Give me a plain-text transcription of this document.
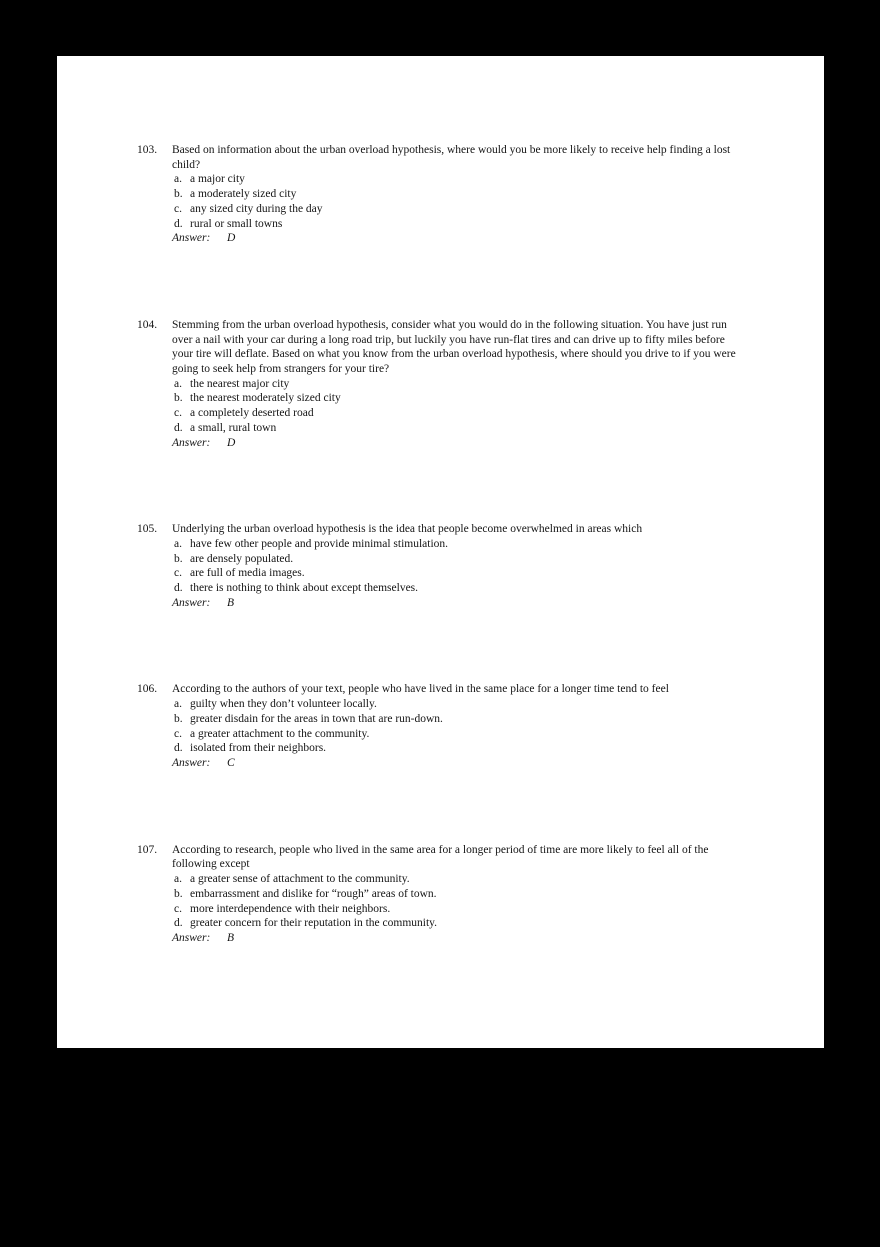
103.	Based on information about the urban overload hypothesis, where would you be more likely to receive help finding a lost child?
a. a major city
b. a moderately sized city
c. any sized city during the day
d. rural or small towns
Answer: D
104.	Stemming from the urban overload hypothesis, consider what you would do in the following situation. You have just run over a nail with your car during a long road trip, but luckily you have run-flat tires and can drive up to fifty miles before your tire will deflate. Based on what you know from the urban overload hypothesis, where should you drive to if you were going to seek help from strangers for your tire?
a. the nearest major city
b. the nearest moderately sized city
c. a completely deserted road
d. a small, rural town
Answer: D
105.	Underlying the urban overload hypothesis is the idea that people become overwhelmed in areas which
a. have few other people and provide minimal stimulation.
b. are densely populated.
c. are full of media images.
d. there is nothing to think about except themselves.
Answer: B
106.	According to the authors of your text, people who have lived in the same place for a longer time tend to feel
a. guilty when they don’t volunteer locally.
b. greater disdain for the areas in town that are run-down.
c. a greater attachment to the community.
d. isolated from their neighbors.
Answer: C
107.	According to research, people who lived in the same area for a longer period of time are more likely to feel all of the following except
a. a greater sense of attachment to the community.
b. embarrassment and dislike for “rough” areas of town.
c. more interdependence with their neighbors.
d. greater concern for their reputation in the community.
Answer: B
